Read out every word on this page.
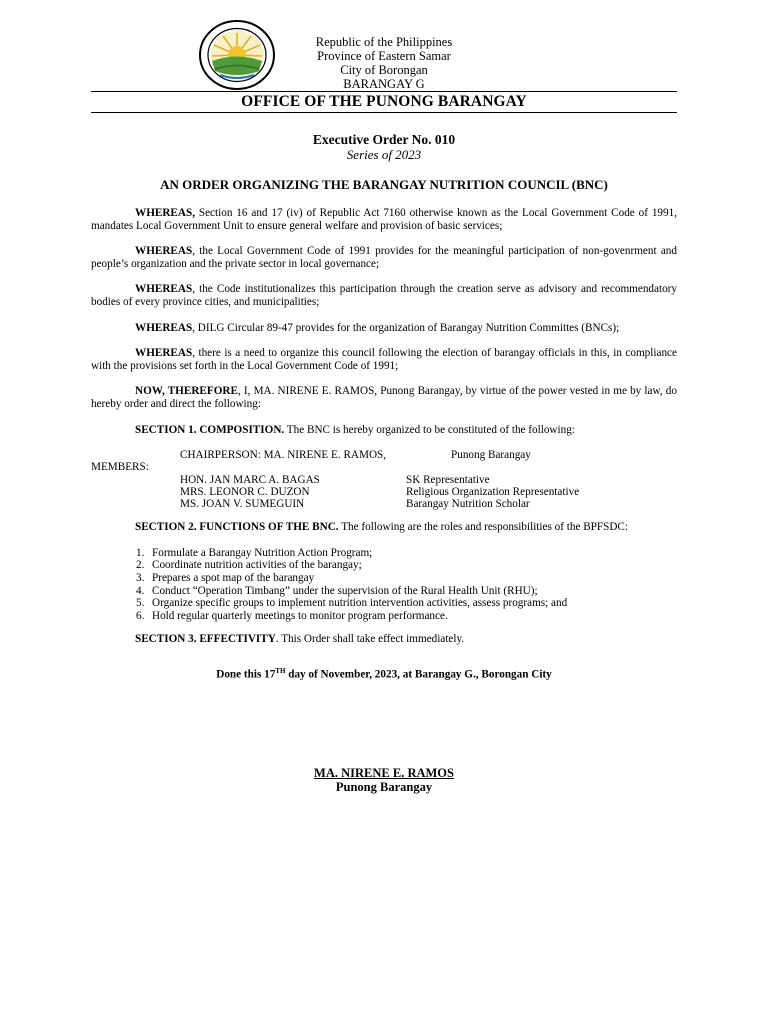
Republic of the Philippines
Province of Eastern Samar
City of Borongan
BARANGAY G
OFFICE OF THE PUNONG BARANGAY
Executive Order No. 010
Series of 2023
AN ORDER ORGANIZING THE BARANGAY NUTRITION COUNCIL (BNC)

WHEREAS, Section 16 and 17 (iv) of Republic Act 7160 otherwise known as the Local Government Code of 1991, mandates Local Government Unit to ensure general welfare and provision of basic services;

WHEREAS, the Local Government Code of 1991 provides for the meaningful participation of non-govenrment and people’s organization and the private sector in local governance;

WHEREAS, the Code institutionalizes this participation through the creation serve as advisory and recommendatory bodies of every province cities, and municipalities;

WHEREAS, DILG Circular 89-47 provides for the organization of Barangay Nutrition Committes (BNCs);

WHEREAS, there is a need to organize this council following the election of barangay officials in this, in compliance with the provisions set forth in the Local Government Code of 1991;

NOW, THEREFORE, I, MA. NIRENE E. RAMOS, Punong Barangay, by virtue of the power vested in me by law, do hereby order and direct the following:

SECTION 1. COMPOSITION. The BNC is hereby organized to be constituted of the following:

CHAIRPERSON: MA. NIRENE E. RAMOS,	Punong Barangay
MEMBERS:
HON. JAN MARC A. BAGAS	SK Representative
MRS. LEONOR C. DUZON	Religious Organization Representative
MS. JOAN V. SUMEGUIN	Barangay Nutrition Scholar

SECTION 2. FUNCTIONS OF THE BNC. The following are the roles and responsibilities of the BPFSDC:

1. Formulate a Barangay Nutrition Action Program;
2. Coordinate nutrition activities of the barangay;
3. Prepares a spot map of the barangay
4. Conduct “Operation Timbang” under the supervision of the Rural Health Unit (RHU);
5. Organize specific groups to implement nutrition intervention activities, assess programs; and
6. Hold regular quarterly meetings to monitor program performance.

SECTION 3. EFFECTIVITY. This Order shall take effect immediately.

Done this 17TH day of November, 2023, at Barangay G., Borongan City
MA. NIRENE E. RAMOS
Punong Barangay
